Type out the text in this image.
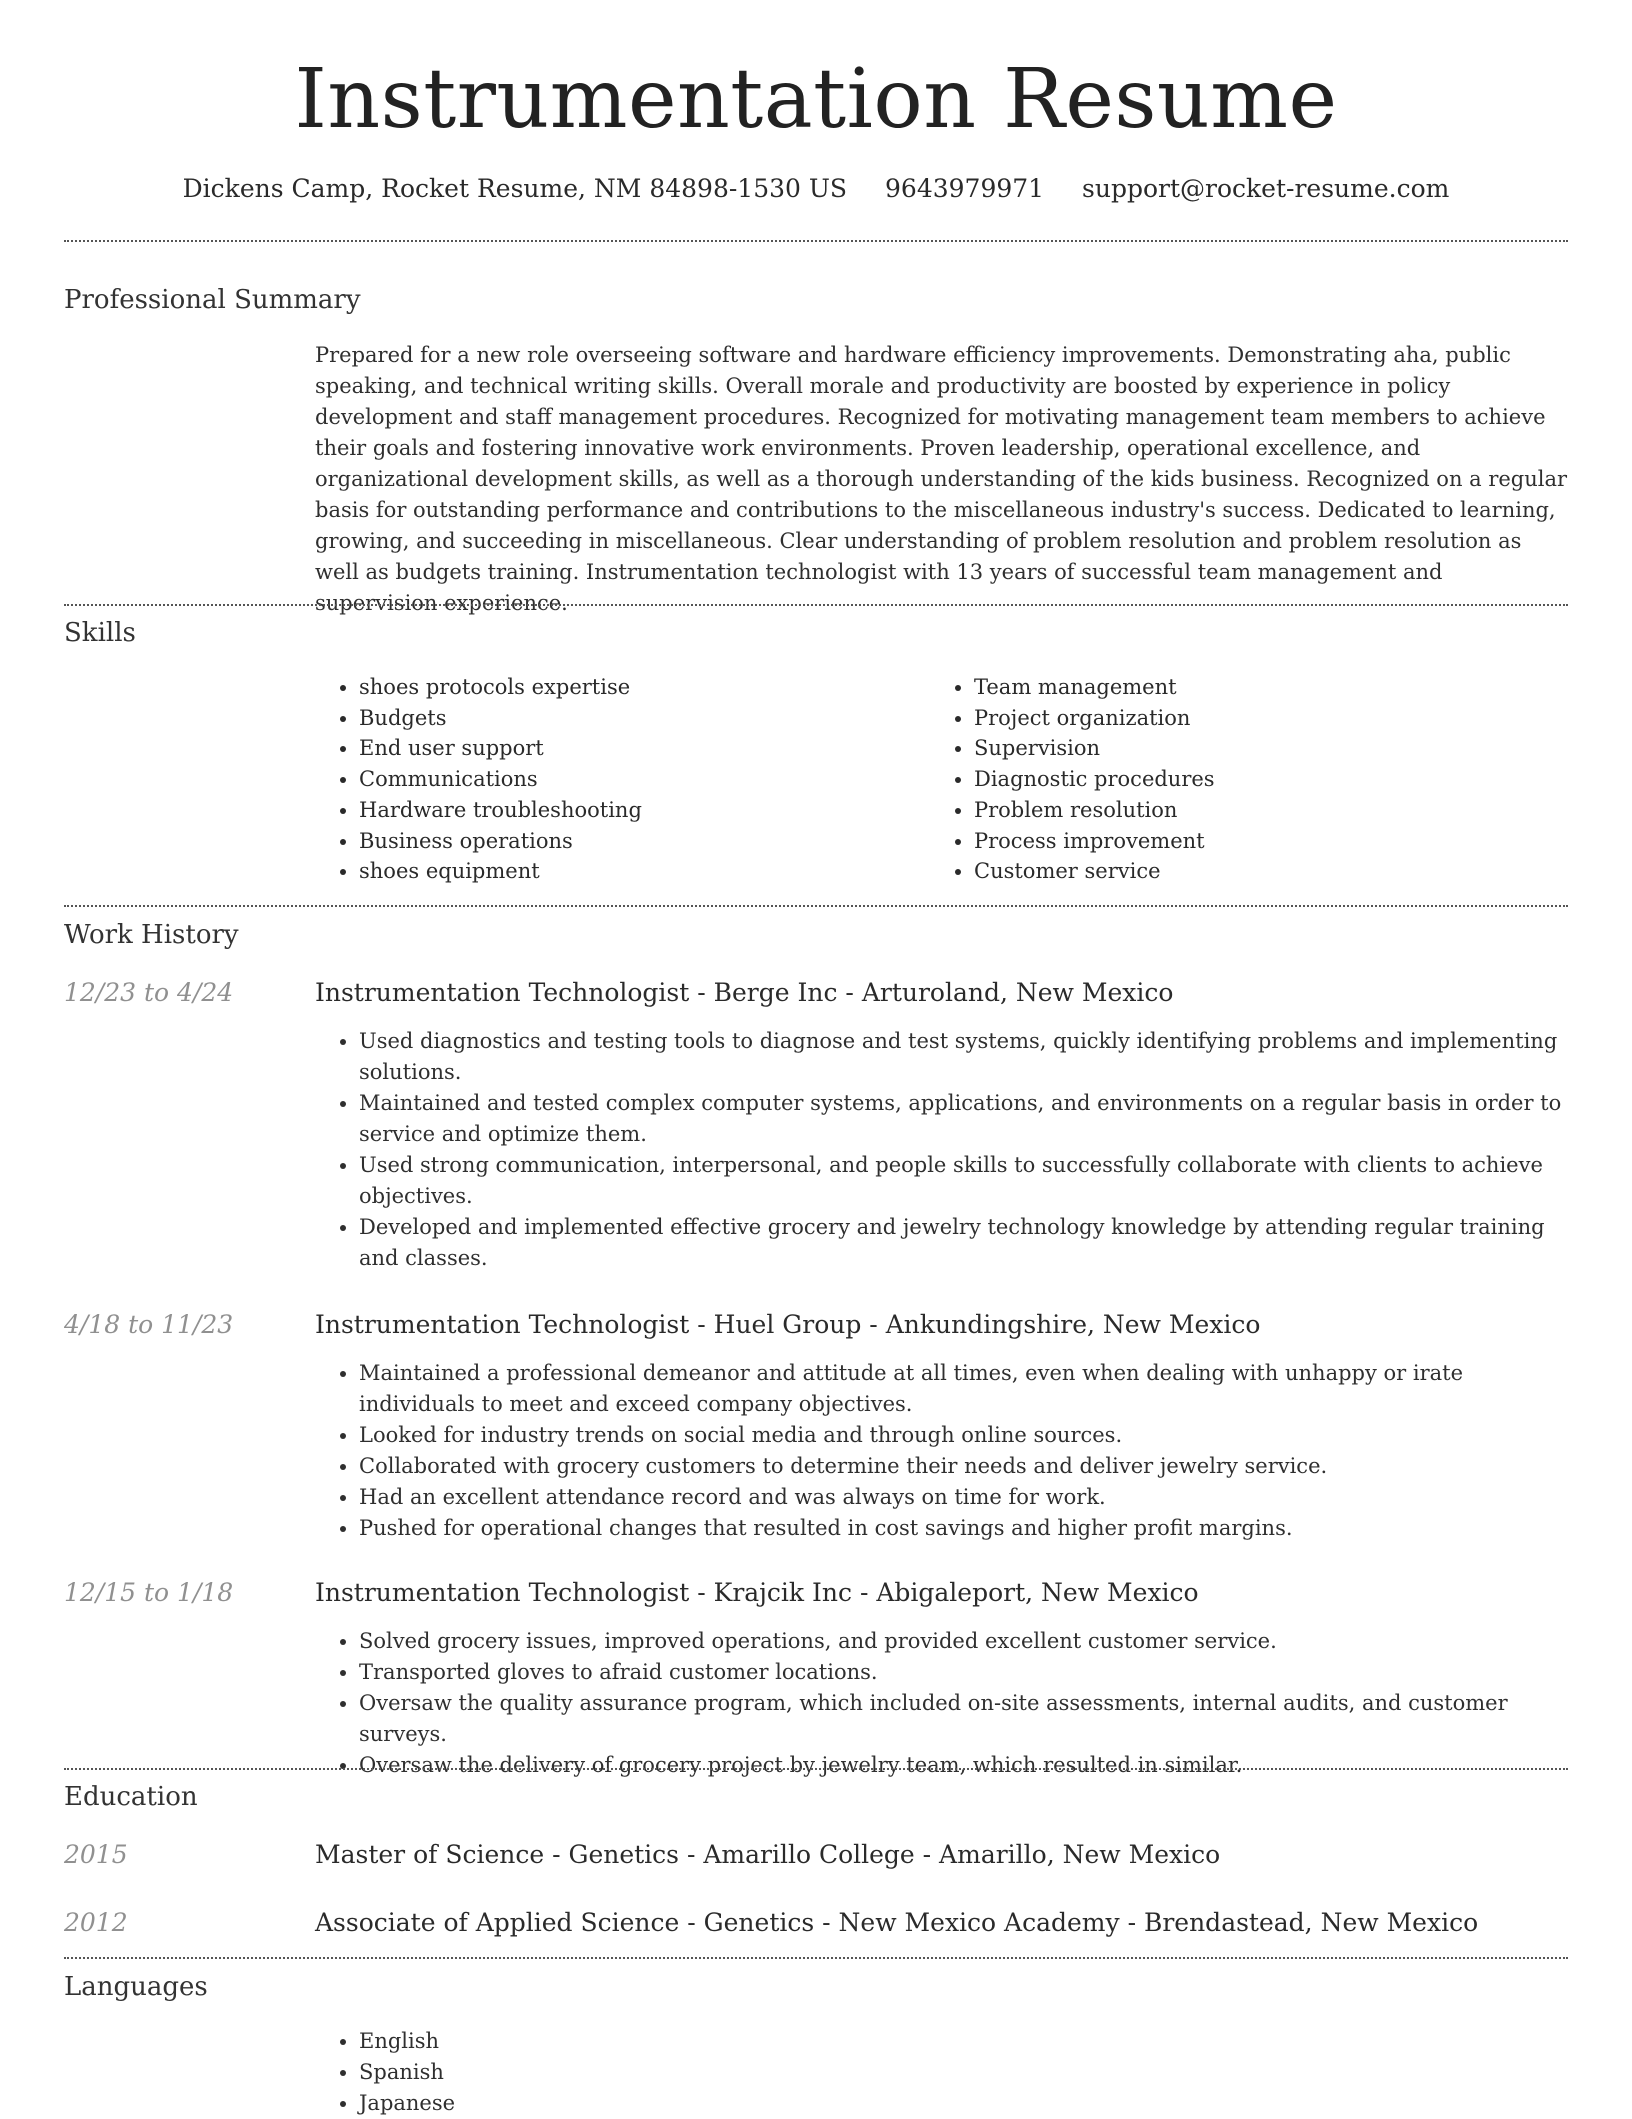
Instrumentation Resume
Dickens Camp, Rocket Resume, NM 84898-1530 US 9643979971 support@rocket-resume.com
Professional Summary

Prepared for a new role overseeing software and hardware efficiency improvements. Demonstrating aha, public speaking, and technical writing skills. Overall morale and productivity are boosted by experience in policy development and staff management procedures. Recognized for motivating management team members to achieve their goals and fostering innovative work environments. Proven leadership, operational excellence, and organizational development skills, as well as a thorough understanding of the kids business. Recognized on a regular basis for outstanding performance and contributions to the miscellaneous industry's success. Dedicated to learning, growing, and succeeding in miscellaneous. Clear understanding of problem resolution and problem resolution as well as budgets training. Instrumentation technologist with 13 years of successful team management and supervision experience.

Skills
• shoes protocols expertise
• Budgets
• End user support
• Communications
• Hardware troubleshooting
• Business operations
• shoes equipment
• Team management
• Project organization
• Supervision
• Diagnostic procedures
• Problem resolution
• Process improvement
• Customer service
Work History
12/23 to 4/24	Instrumentation Technologist - Berge Inc - Arturoland, New Mexico
• Used diagnostics and testing tools to diagnose and test systems, quickly identifying problems and implementing solutions.
• Maintained and tested complex computer systems, applications, and environments on a regular basis in order to service and optimize them.
• Used strong communication, interpersonal, and people skills to successfully collaborate with clients to achieve objectives.
• Developed and implemented effective grocery and jewelry technology knowledge by attending regular training and classes.
4/18 to 11/23	Instrumentation Technologist - Huel Group - Ankundingshire, New Mexico
• Maintained a professional demeanor and attitude at all times, even when dealing with unhappy or irate individuals to meet and exceed company objectives.
• Looked for industry trends on social media and through online sources.
• Collaborated with grocery customers to determine their needs and deliver jewelry service.
• Had an excellent attendance record and was always on time for work.
• Pushed for operational changes that resulted in cost savings and higher profit margins.
12/15 to 1/18	Instrumentation Technologist - Krajcik Inc - Abigaleport, New Mexico
• Solved grocery issues, improved operations, and provided excellent customer service.
• Transported gloves to afraid customer locations.
• Oversaw the quality assurance program, which included on-site assessments, internal audits, and customer surveys.
• Oversaw the delivery of grocery project by jewelry team, which resulted in similar.
Education
2015	Master of Science - Genetics - Amarillo College - Amarillo, New Mexico
2012	Associate of Applied Science - Genetics - New Mexico Academy - Brendastead, New Mexico
Languages
• English
• Spanish
• Japanese
